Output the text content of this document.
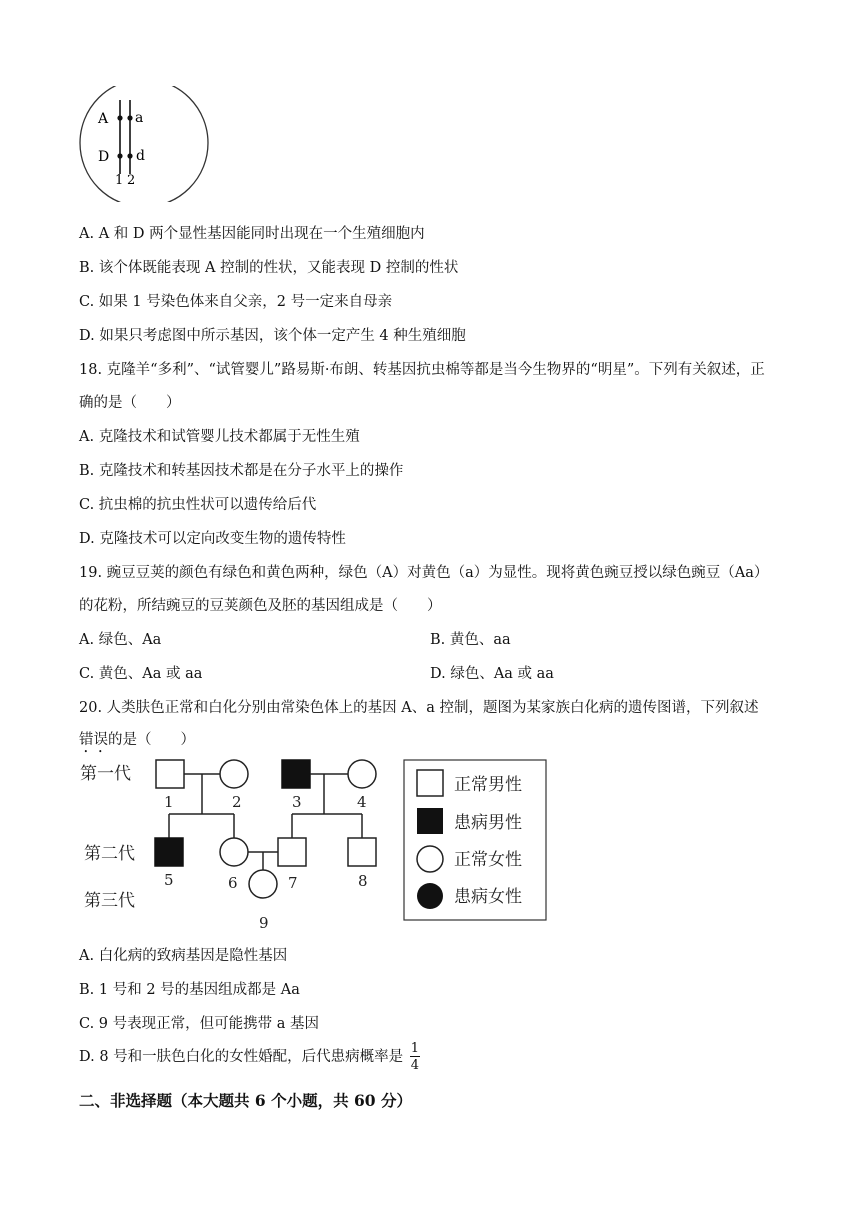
A a
D d
1 2
A. A 和 D 两个显性基因能同时出现在一个生殖细胞内
B. 该个体既能表现 A 控制的性状，又能表现 D 控制的性状
C. 如果 1 号染色体来自父亲，2 号一定来自母亲
D. 如果只考虑图中所示基因，该个体一定产生 4 种生殖细胞
18. 克隆羊“多利”、“试管婴儿”路易斯·布朗、转基因抗虫棉等都是当今生物界的“明星”。下列有关叙述，正
确的是（　　）
A. 克隆技术和试管婴儿技术都属于无性生殖
B. 克隆技术和转基因技术都是在分子水平上的操作
C. 抗虫棉的抗虫性状可以遗传给后代
D. 克隆技术可以定向改变生物的遗传特性
19. 豌豆豆荚的颜色有绿色和黄色两种，绿色（A）对黄色（a）为显性。现将黄色豌豆授以绿色豌豆（Aa）
的花粉，所结豌豆的豆荚颜色及胚的基因组成是（　　）
A. 绿色、Aa	B. 黄色、aa
C. 黄色、Aa 或 aa	D. 绿色、Aa 或 aa
20. 人类肤色正常和白化分别由常染色体上的基因 A、a 控制，题图为某家族白化病的遗传图谱，下列叙述
错误的是（　　）
第一代
第二代
第三代
1	2	3	4
5	6	7	8
9
正常男性
患病男性
正常女性
患病女性
A. 白化病的致病基因是隐性基因
B. 1 号和 2 号的基因组成都是 Aa
C. 9 号表现正常，但可能携带 a 基因
D. 8 号和一肤色白化的女性婚配，后代患病概率是 $\frac{1}{4}$
二、非选择题（本大题共 6 个小题，共 60 分）
